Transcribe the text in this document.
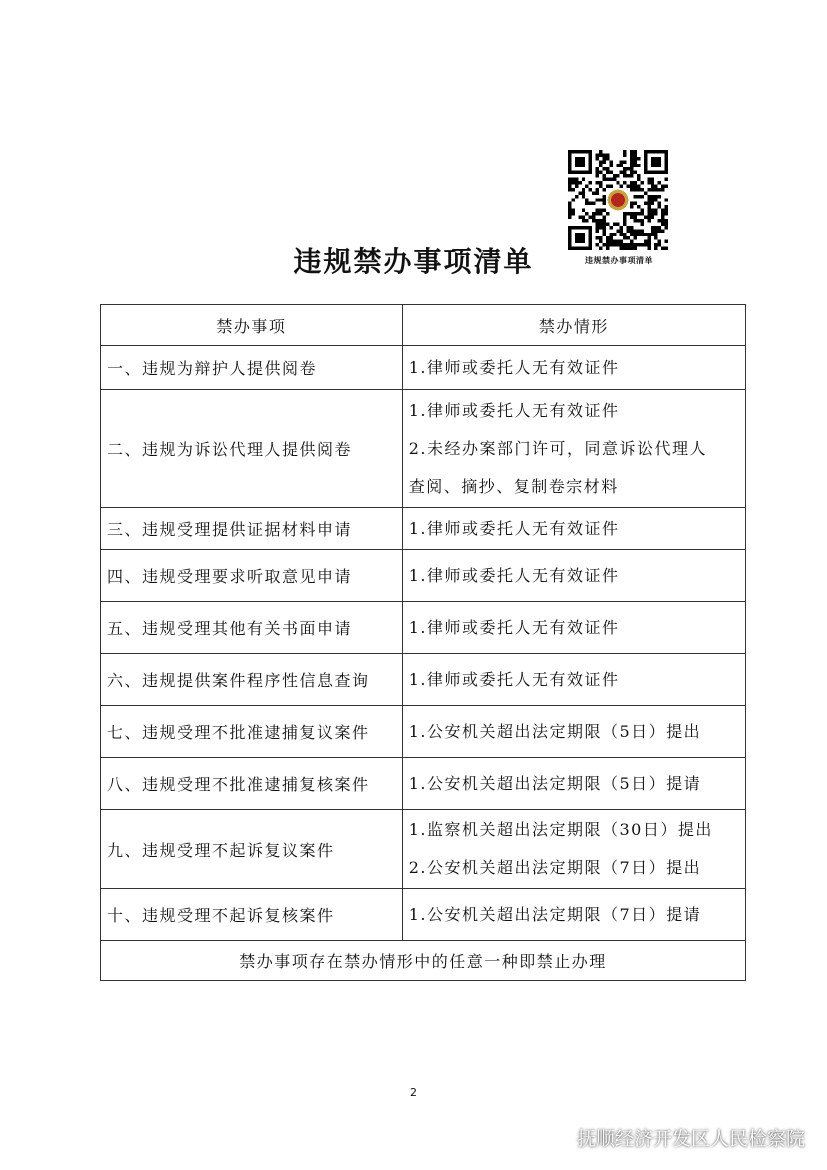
违规禁办事项清单
违规禁办事项清单
禁办事项	禁办情形
一、违规为辩护人提供阅卷	1.律师或委托人无有效证件

二、违规为诉讼代理人提供阅卷	1.律师或委托人无有效证件
2.未经办案部门许可，同意诉讼代理人
查阅、摘抄、复制卷宗材料

三、违规受理提供证据材料申请	1.律师或委托人无有效证件

四、违规受理要求听取意见申请	1.律师或委托人无有效证件

五、违规受理其他有关书面申请	1.律师或委托人无有效证件

六、违规提供案件程序性信息查询	1.律师或委托人无有效证件

七、违规受理不批准逮捕复议案件	1.公安机关超出法定期限（5日）提出

八、违规受理不批准逮捕复核案件	1.公安机关超出法定期限（5日）提请

九、违规受理不起诉复议案件	1.监察机关超出法定期限（30日）提出
2.公安机关超出法定期限（7日）提出

十、违规受理不起诉复核案件	1.公安机关超出法定期限（7日）提请

禁办事项存在禁办情形中的任意一种即禁止办理	
2
抚顺经济开发区人民检察院
